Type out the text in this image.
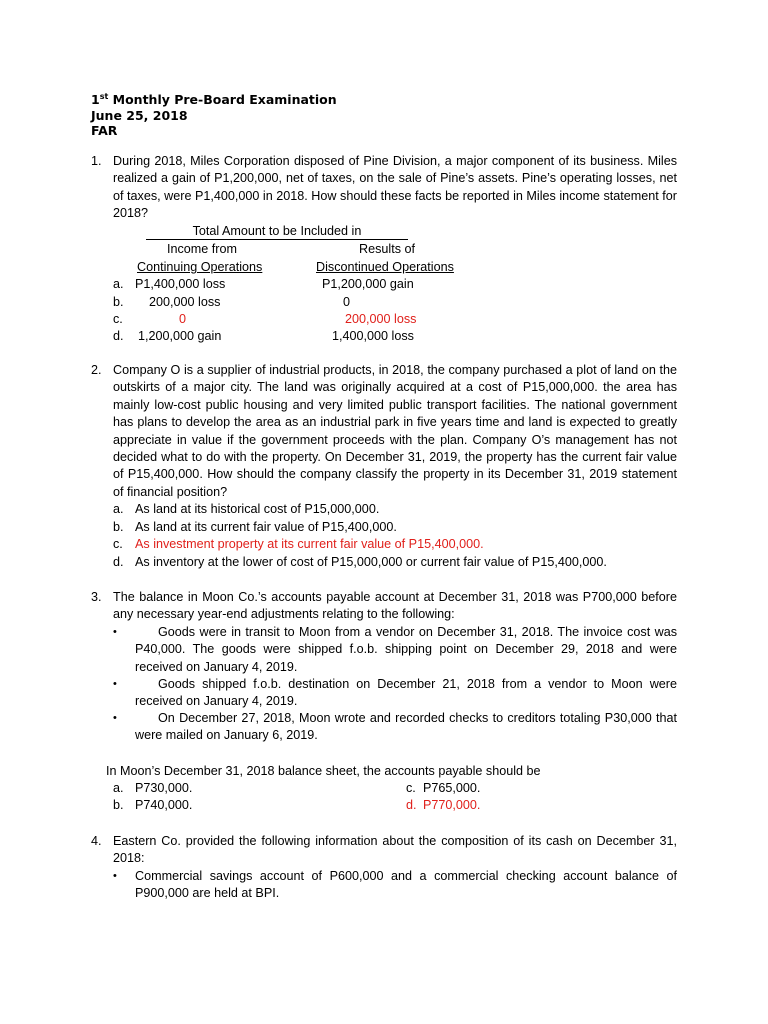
1st Monthly Pre-Board Examination
June 25, 2018
FAR
1. During 2018, Miles Corporation disposed of Pine Division, a major component of its business. Miles realized a gain of P1,200,000, net of taxes, on the sale of Pine’s assets. Pine’s operating losses, net of taxes, were P1,400,000 in 2018. How should these facts be reported in Miles income statement for 2018?
Total Amount to be Included in
Income from
Continuing Operations
Results of
Discontinued Operations
a. P1,400,000 loss	P1,200,000 gain
b. 200,000 loss	0
c.	0	200,000 loss
d. 1,200,000 gain	1,400,000 loss
2. Company O is a supplier of industrial products, in 2018, the company purchased a plot of land on the outskirts of a major city. The land was originally acquired at a cost of P15,000,000. the area has mainly low-cost public housing and very limited public transport facilities. The national government has plans to develop the area as an industrial park in five years time and land is expected to greatly appreciate in value if the government proceeds with the plan. Company O’s management has not decided what to do with the property. On December 31, 2019, the property has the current fair value of P15,400,000. How should the company classify the property in its December 31, 2019 statement of financial position?
a. As land at its historical cost of P15,000,000.
b. As land at its current fair value of P15,400,000.
c. As investment property at its current fair value of P15,400,000.
d. As inventory at the lower of cost of P15,000,000 or current fair value of P15,400,000.
3. The balance in Moon Co.’s accounts payable account at December 31, 2018 was P700,000 before any necessary year-end adjustments relating to the following:
•	Goods were in transit to Moon from a vendor on December 31, 2018. The invoice cost was P40,000. The goods were shipped f.o.b. shipping point on December 29, 2018 and were received on January 4, 2019.
•	Goods shipped f.o.b. destination on December 21, 2018 from a vendor to Moon were received on January 4, 2019.
•	On December 27, 2018, Moon wrote and recorded checks to creditors totaling P30,000 that were mailed on January 6, 2019.
In Moon’s December 31, 2018 balance sheet, the accounts payable should be
a. P730,000.	c. P765,000.
b. P740,000.	d. P770,000.
4. Eastern Co. provided the following information about the composition of its cash on December 31, 2018:
• Commercial savings account of P600,000 and a commercial checking account balance of P900,000 are held at BPI.
